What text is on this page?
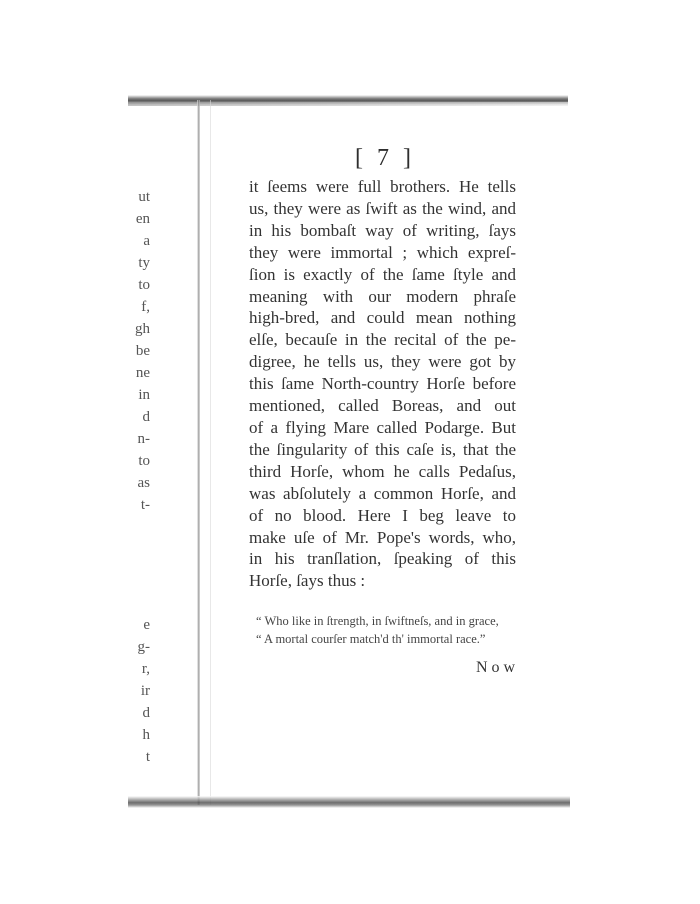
ut
en
a
ty
to
f,
gh
be
ne
in
d
n-
to
as
t-
e
g-
r,
ir
d
h
t
[ 7 ]
it ſeems were full brothers. He tells
us, they were as ſwift as the wind, and
in his bombaſt way of writing, ſays
they were immortal ; which expreſ-
ſion is exactly of the ſame ſtyle and
meaning with our modern phraſe
high-bred, and could mean nothing
elſe, becauſe in the recital of the pe-
digree, he tells us, they were got by
this ſame North-country Horſe before
mentioned, called Boreas, and out
of a flying Mare called Podarge. But
the ſingularity of this caſe is, that the
third Horſe, whom he calls Pedaſus,
was abſolutely a common Horſe, and
of no blood. Here I beg leave to
make uſe of Mr. Pope's words, who,
in his tranſlation, ſpeaking of this
Horſe, ſays thus :
“ Who like in ſtrength, in ſwiftneſs, and in grace,
“ A mortal courſer match'd th' immortal race.”
Now
